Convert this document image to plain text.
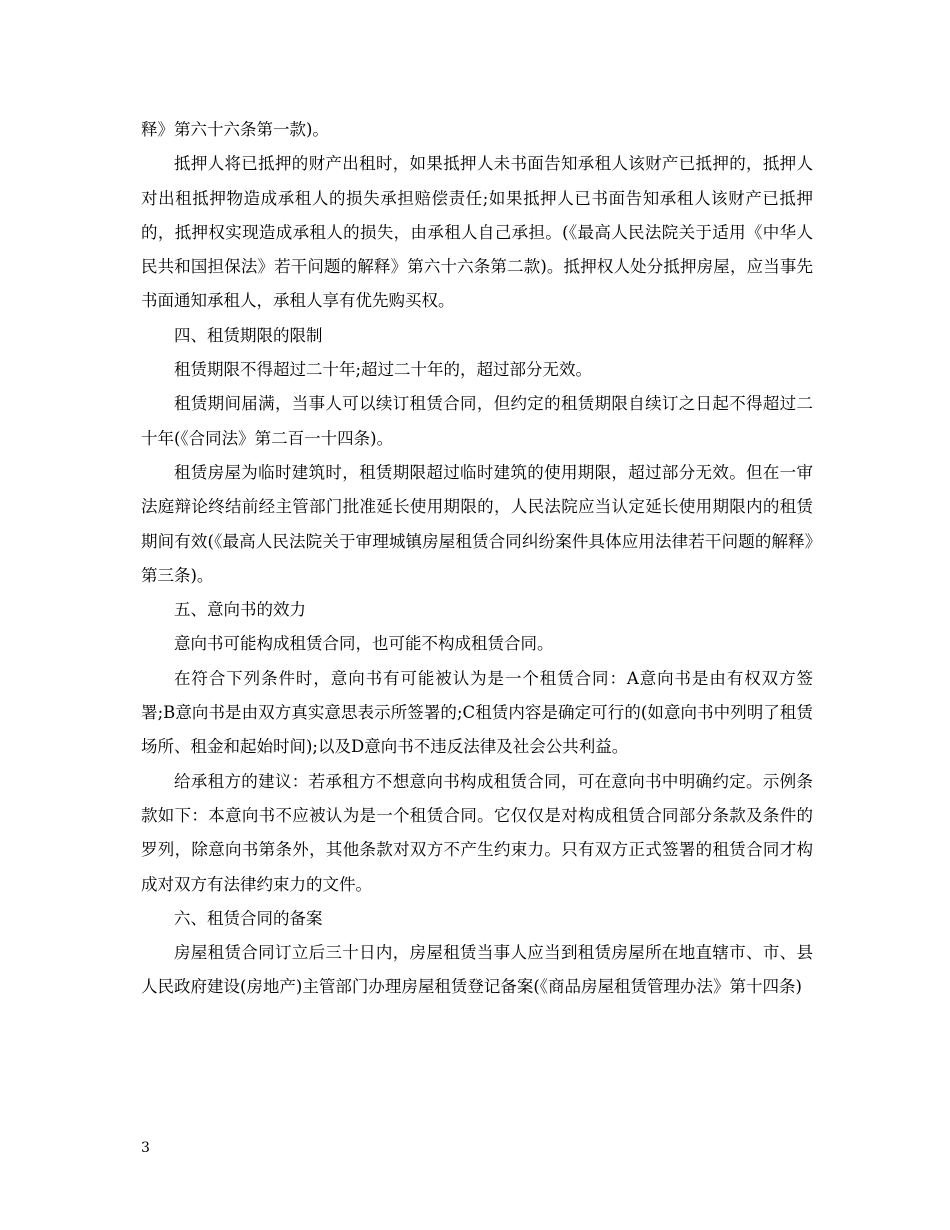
释》第六十六条第一款)。

抵押人将已抵押的财产出租时，如果抵押人未书面告知承租人该财产已抵押的，抵押人对出租抵押物造成承租人的损失承担赔偿责任;如果抵押人已书面告知承租人该财产已抵押的，抵押权实现造成承租人的损失，由承租人自己承担。(《最高人民法院关于适用《中华人民共和国担保法》若干问题的解释》第六十六条第二款)。抵押权人处分抵押房屋，应当事先书面通知承租人，承租人享有优先购买权。

四、租赁期限的限制

租赁期限不得超过二十年;超过二十年的，超过部分无效。

租赁期间届满，当事人可以续订租赁合同，但约定的租赁期限自续订之日起不得超过二十年(《合同法》第二百一十四条)。

租赁房屋为临时建筑时，租赁期限超过临时建筑的使用期限，超过部分无效。但在一审法庭辩论终结前经主管部门批准延长使用期限的，人民法院应当认定延长使用期限内的租赁期间有效(《最高人民法院关于审理城镇房屋租赁合同纠纷案件具体应用法律若干问题的解释》第三条)。

五、意向书的效力

意向书可能构成租赁合同，也可能不构成租赁合同。

在符合下列条件时，意向书有可能被认为是一个租赁合同：A意向书是由有权双方签署;B意向书是由双方真实意思表示所签署的;C租赁内容是确定可行的(如意向书中列明了租赁场所、租金和起始时间);以及D意向书不违反法律及社会公共利益。

给承租方的建议：若承租方不想意向书构成租赁合同，可在意向书中明确约定。示例条款如下：本意向书不应被认为是一个租赁合同。它仅仅是对构成租赁合同部分条款及条件的罗列，除意向书第条外，其他条款对双方不产生约束力。只有双方正式签署的租赁合同才构成对双方有法律约束力的文件。

六、租赁合同的备案

房屋租赁合同订立后三十日内，房屋租赁当事人应当到租赁房屋所在地直辖市、市、县人民政府建设(房地产)主管部门办理房屋租赁登记备案(《商品房屋租赁管理办法》第十四条)

3
